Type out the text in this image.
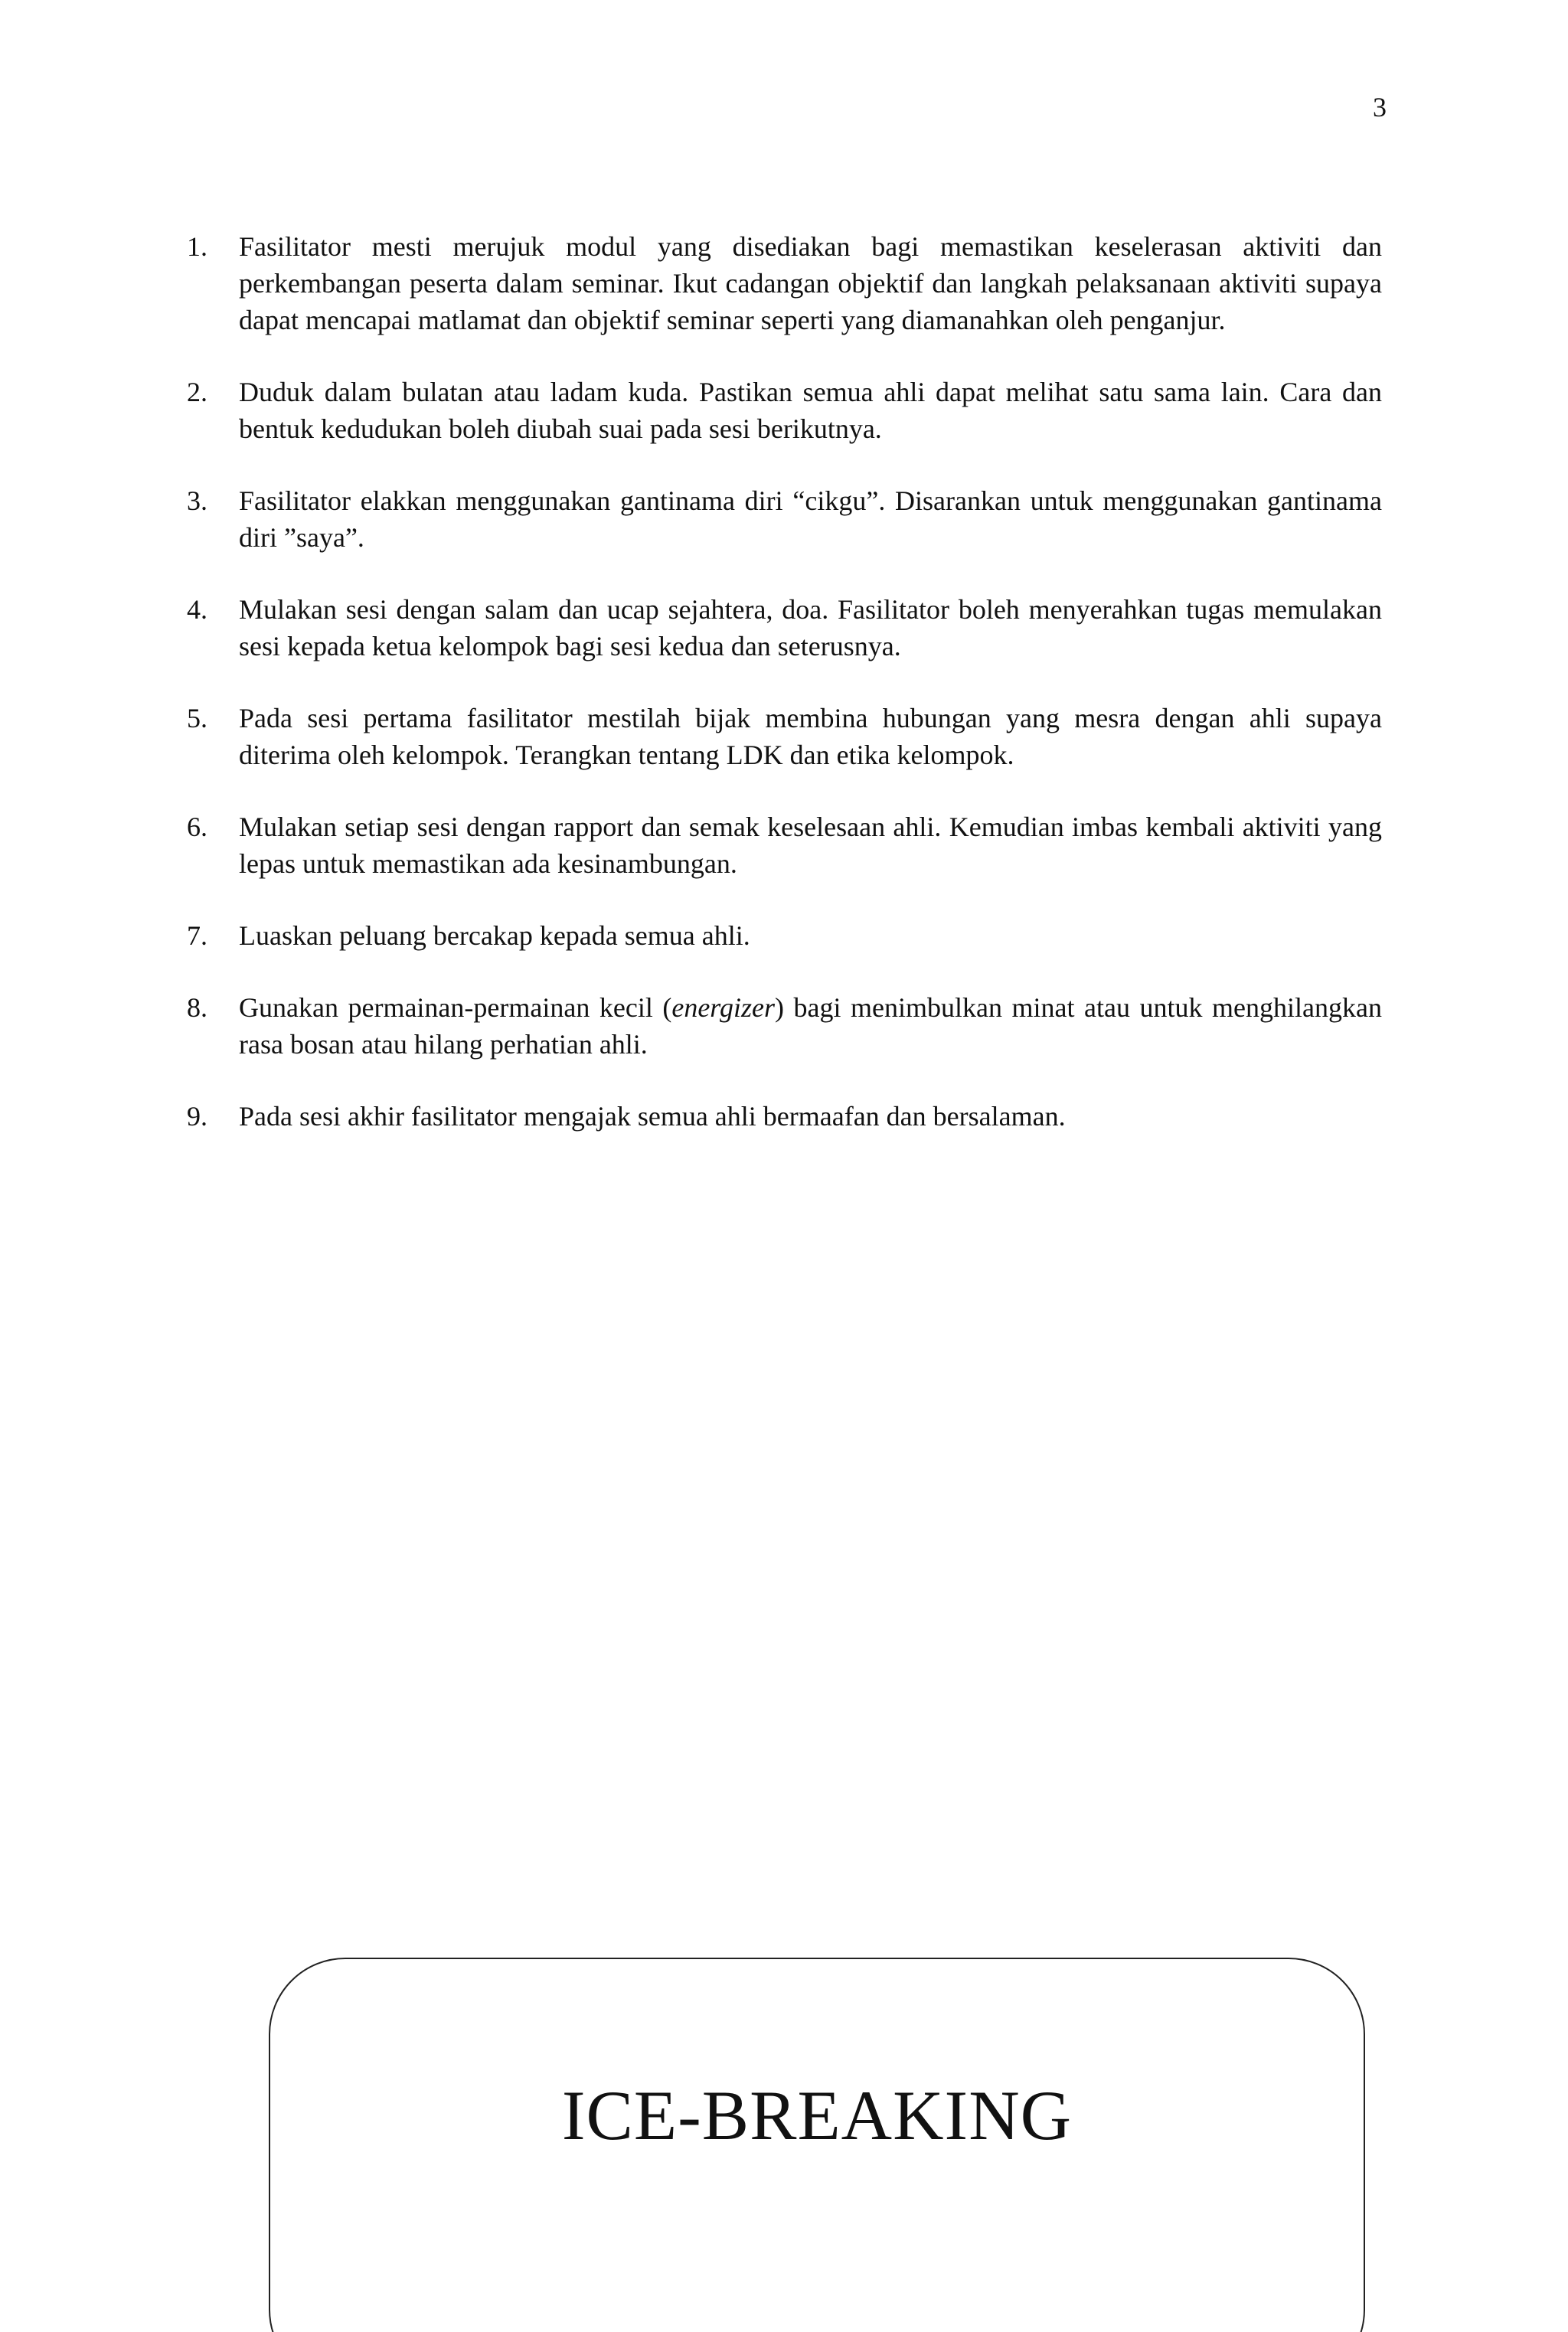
3
1.	Fasilitator mesti merujuk modul yang disediakan bagi memastikan keselerasan aktiviti dan perkembangan peserta dalam seminar. Ikut cadangan objektif dan langkah pelaksanaan aktiviti supaya dapat mencapai matlamat dan objektif seminar seperti yang diamanahkan oleh penganjur.
2.	Duduk dalam bulatan atau ladam kuda. Pastikan semua ahli dapat melihat satu sama lain. Cara dan bentuk kedudukan boleh diubah suai pada sesi berikutnya.
3.	Fasilitator elakkan menggunakan gantinama diri “cikgu”. Disarankan untuk menggunakan gantinama diri ”saya”.
4.	Mulakan sesi dengan salam dan ucap sejahtera, doa. Fasilitator boleh menyerahkan tugas memulakan sesi kepada ketua kelompok bagi sesi kedua dan seterusnya.
5.	Pada sesi pertama fasilitator mestilah bijak membina hubungan yang mesra dengan ahli supaya diterima oleh kelompok. Terangkan tentang LDK dan etika kelompok.
6.	Mulakan setiap sesi dengan rapport dan semak keselesaan ahli. Kemudian imbas kembali aktiviti yang lepas untuk memastikan ada kesinambungan.
7.	Luaskan peluang bercakap kepada semua ahli.
8.	Gunakan permainan-permainan kecil (energizer) bagi menimbulkan minat atau untuk menghilangkan rasa bosan atau hilang perhatian ahli.
9.	Pada sesi akhir fasilitator mengajak semua ahli bermaafan dan bersalaman.
ICE-BREAKING
